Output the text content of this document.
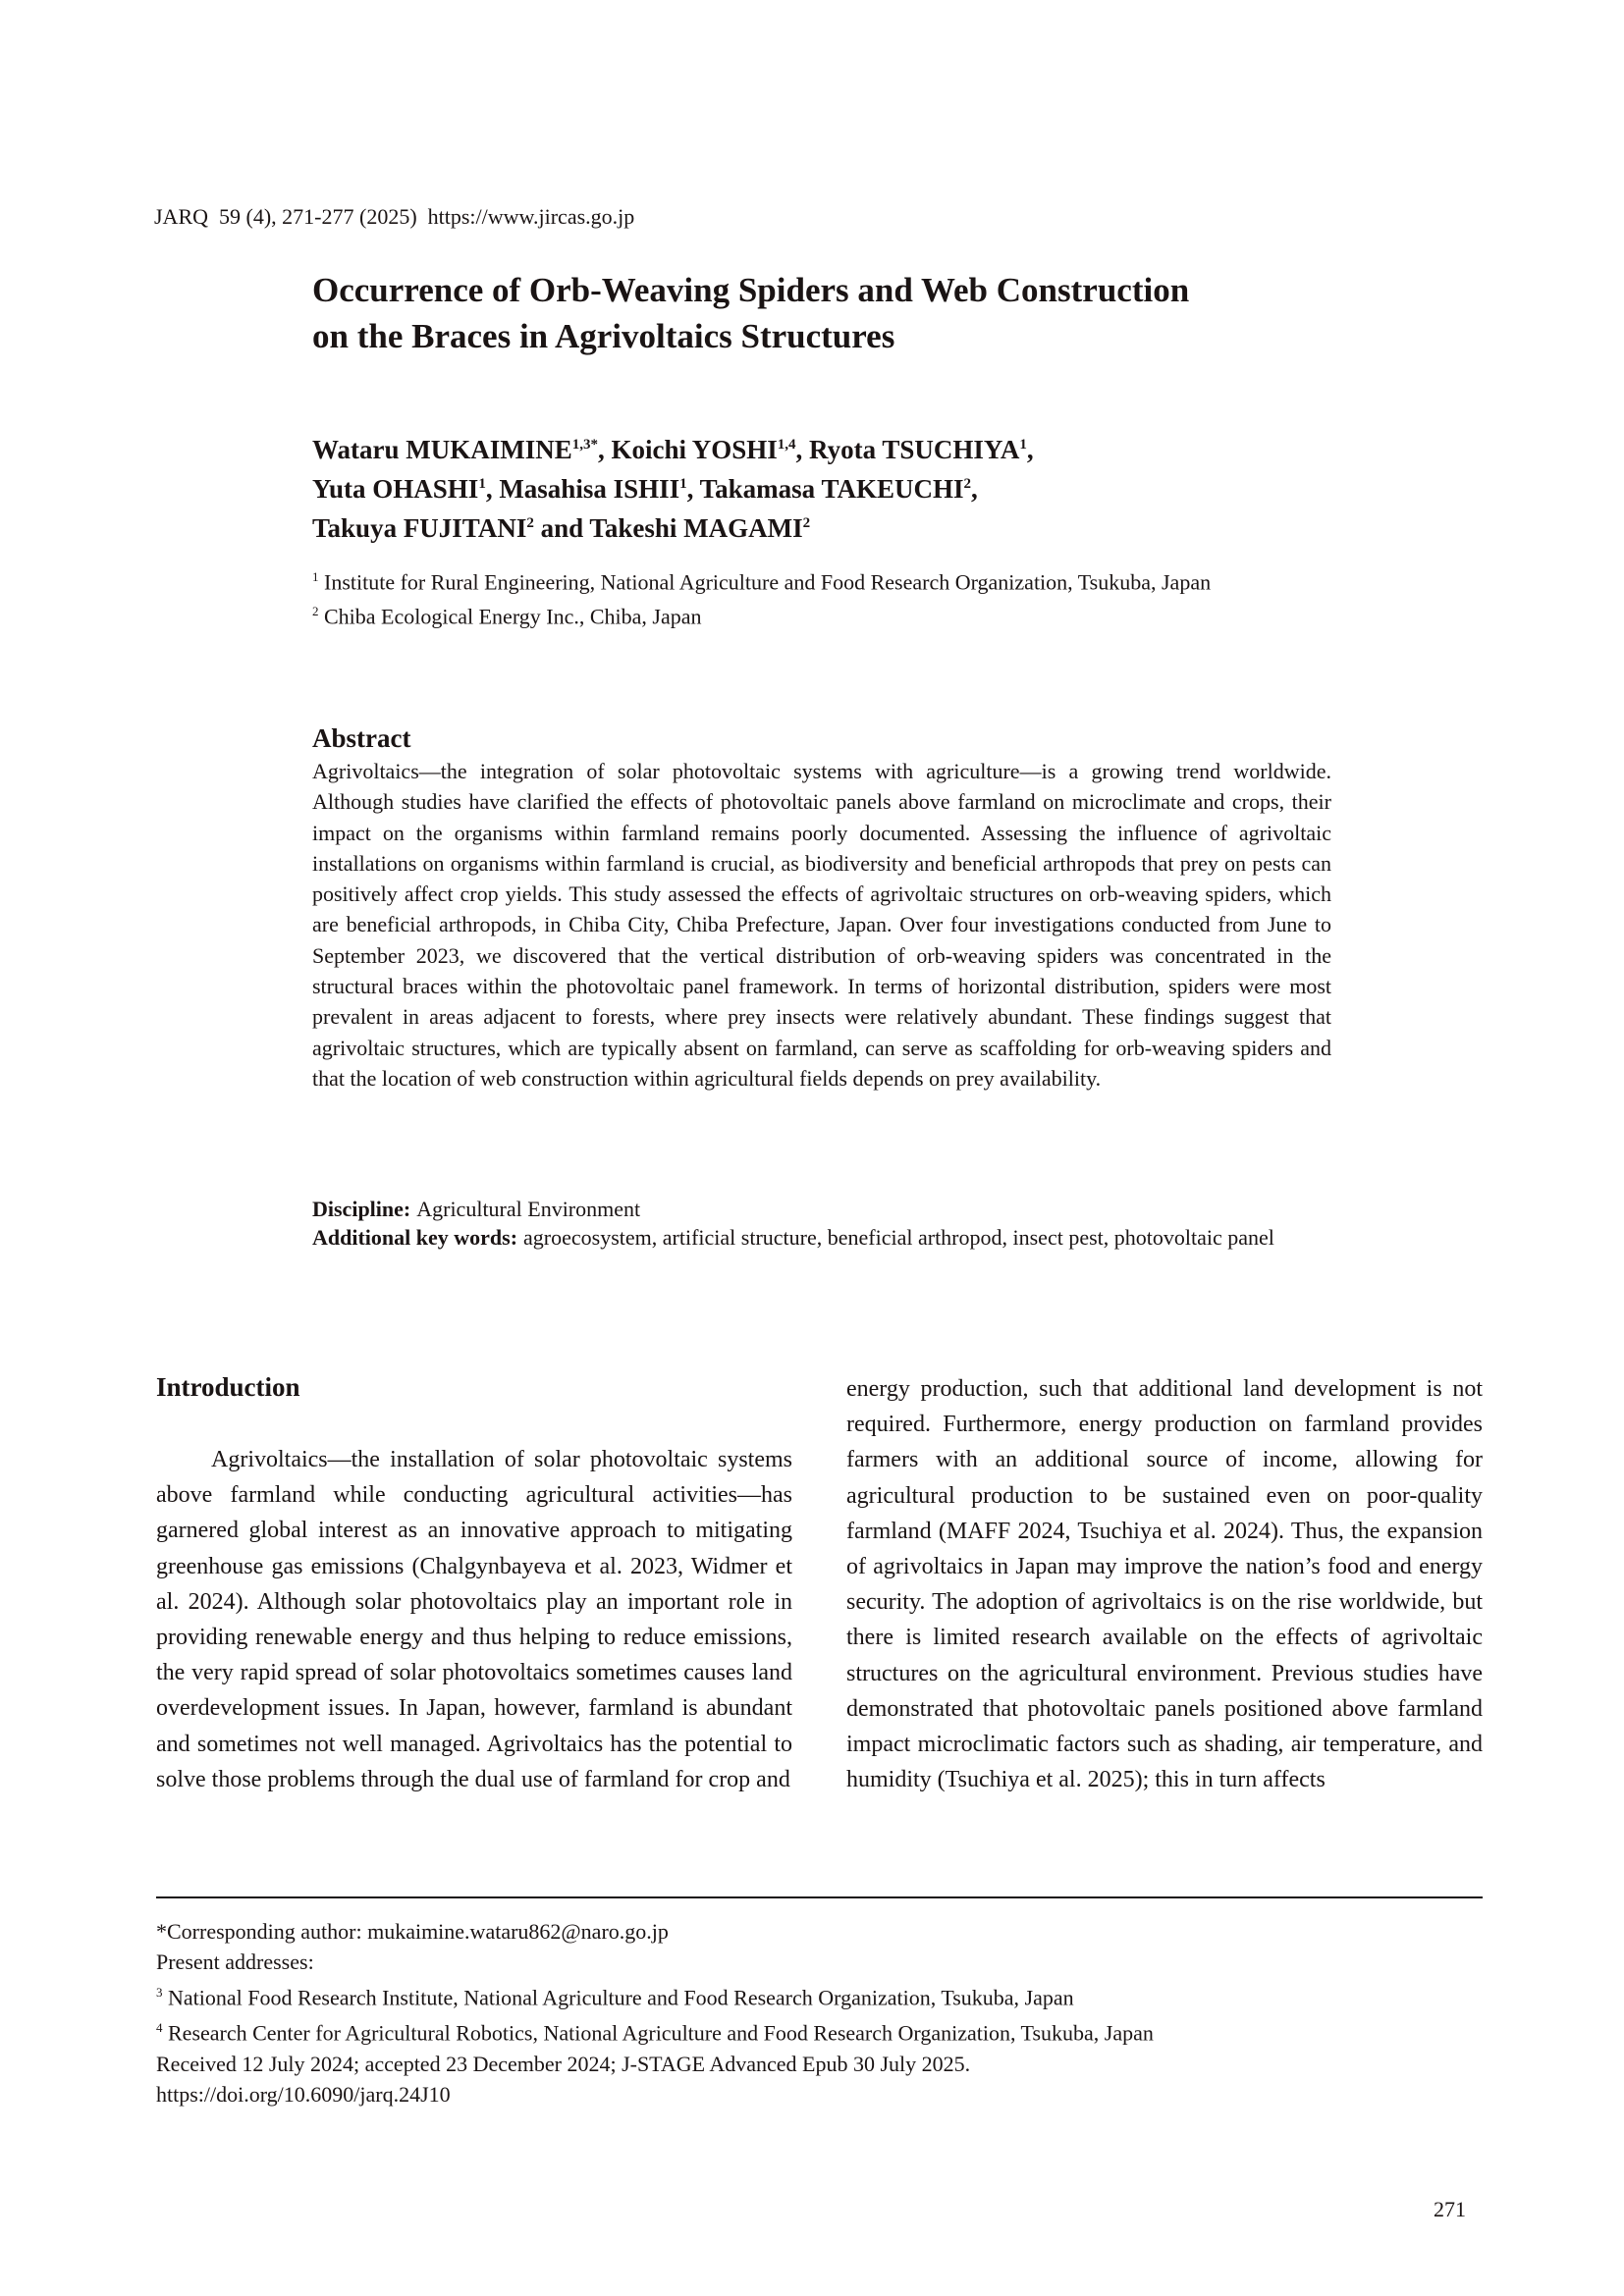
JARQ  59 (4), 271-277 (2025)  https://www.jircas.go.jp
Occurrence of Orb-Weaving Spiders and Web Construction
on the Braces in Agrivoltaics Structures
Wataru $MUKAIMINE^{1,3*}$, Koichi YOSHI$^{1,4}$, Ryota TSUCHIYA$^1$,
Yuta OHASHI$^1$, Masahisa ISHII$^1$, Takamasa TAKEUCHI$^2$,
Takuya FUJITANI$^2$ and Takeshi MAGAMI$^2$
$^1$ Institute for Rural Engineering, National Agriculture and Food Research Organization, Tsukuba, Japan
$^2$ Chiba Ecological Energy Inc., Chiba, Japan
Abstract
Agrivoltaics—the integration of solar photovoltaic systems with agriculture—is a growing trend worldwide. Although studies have clarified the effects of photovoltaic panels above farmland on microclimate and crops, their impact on the organisms within farmland remains poorly documented. Assessing the influence of agrivoltaic installations on organisms within farmland is crucial, as biodiversity and beneficial arthropods that prey on pests can positively affect crop yields. This study assessed the effects of agrivoltaic structures on orb-weaving spiders, which are beneficial arthropods, in Chiba City, Chiba Prefecture, Japan. Over four investigations conducted from June to September 2023, we discovered that the vertical distribution of orb-weaving spiders was concentrated in the structural braces within the photovoltaic panel framework. In terms of horizontal distribution, spiders were most prevalent in areas adjacent to forests, where prey insects were relatively abundant. These findings suggest that agrivoltaic structures, which are typically absent on farmland, can serve as scaffolding for orb-weaving spiders and that the location of web construction within agricultural fields depends on prey availability.
Discipline: Agricultural Environment
Additional key words: agroecosystem, artificial structure, beneficial arthropod, insect pest, photovoltaic panel
Introduction
Agrivoltaics—the installation of solar photovoltaic systems above farmland while conducting agricultural activities—has garnered global interest as an innovative approach to mitigating greenhouse gas emissions (Chalgynbayeva et al. 2023, Widmer et al. 2024). Although solar photovoltaics play an important role in providing renewable energy and thus helping to reduce emissions, the very rapid spread of solar photovoltaics sometimes causes land overdevelopment issues. In Japan, however, farmland is abundant and sometimes not well managed. Agrivoltaics has the potential to solve those problems through the dual use of farmland for crop and
energy production, such that additional land development is not required. Furthermore, energy production on farmland provides farmers with an additional source of income, allowing for agricultural production to be sustained even on poor-quality farmland (MAFF 2024, Tsuchiya et al. 2024). Thus, the expansion of agrivoltaics in Japan may improve the nation’s food and energy security. The adoption of agrivoltaics is on the rise worldwide, but there is limited research available on the effects of agrivoltaic structures on the agricultural environment. Previous studies have demonstrated that photovoltaic panels positioned above farmland impact microclimatic factors such as shading, air temperature, and humidity (Tsuchiya et al. 2025); this in turn affects
*Corresponding author: mukaimine.wataru862@naro.go.jp
Present addresses:
$^3$ National Food Research Institute, National Agriculture and Food Research Organization, Tsukuba, Japan
$^4$ Research Center for Agricultural Robotics, National Agriculture and Food Research Organization, Tsukuba, Japan
Received 12 July 2024; accepted 23 December 2024; J-STAGE Advanced Epub 30 July 2025.
https://doi.org/10.6090/jarq.24J10
271
